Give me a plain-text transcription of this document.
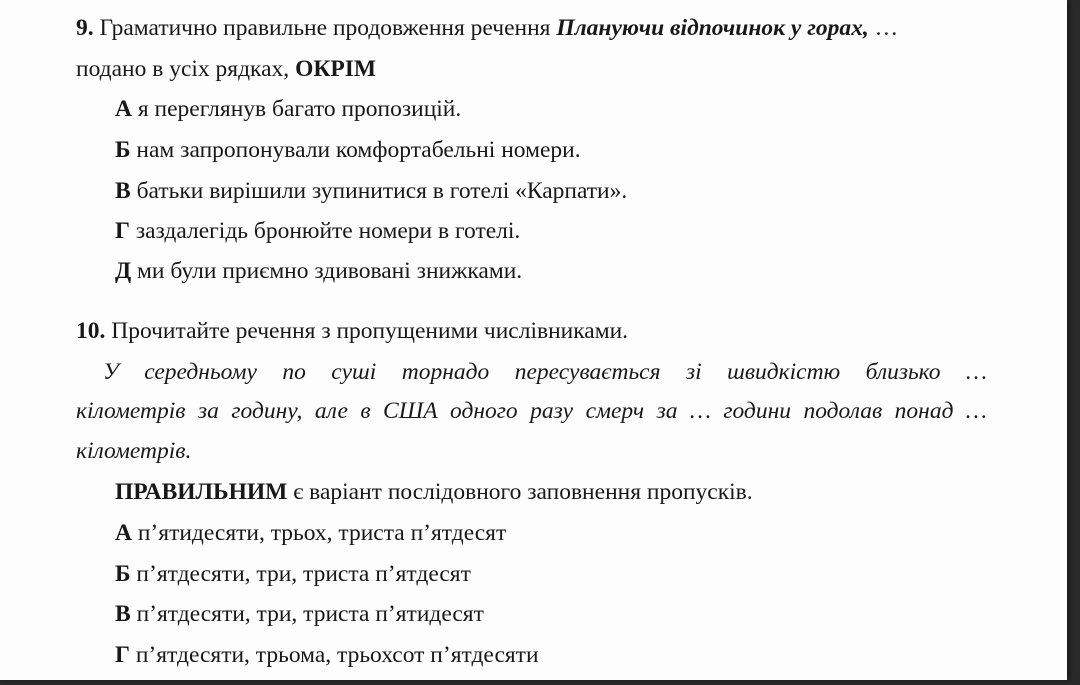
9. Граматично правильне продовження речення Плануючи відпочинок у горах, …
подано в усіх рядках, ОКРІМ
А я переглянув багато пропозицій.
Б нам запропонували комфортабельні номери.
В батьки вирішили зупинитися в готелі «Карпати».
Г заздалегідь бронюйте номери в готелі.
Д ми були приємно здивовані знижками.
10. Прочитайте речення з пропущеними числівниками.
У середньому по суші торнадо пересувається зі швидкістю близько …
кілометрів за годину, але в США одного разу смерч за … години подолав понад …
кілометрів.
ПРАВИЛЬНИМ є варіант послідовного заповнення пропусків.
А п’ятидесяти, трьох, триста п’ятдесят
Б п’ятдесяти, три, триста п’ятдесят
В п’ятдесяти, три, триста п’ятидесят
Г п’ятдесяти, трьома, трьохсот п’ятдесяти
